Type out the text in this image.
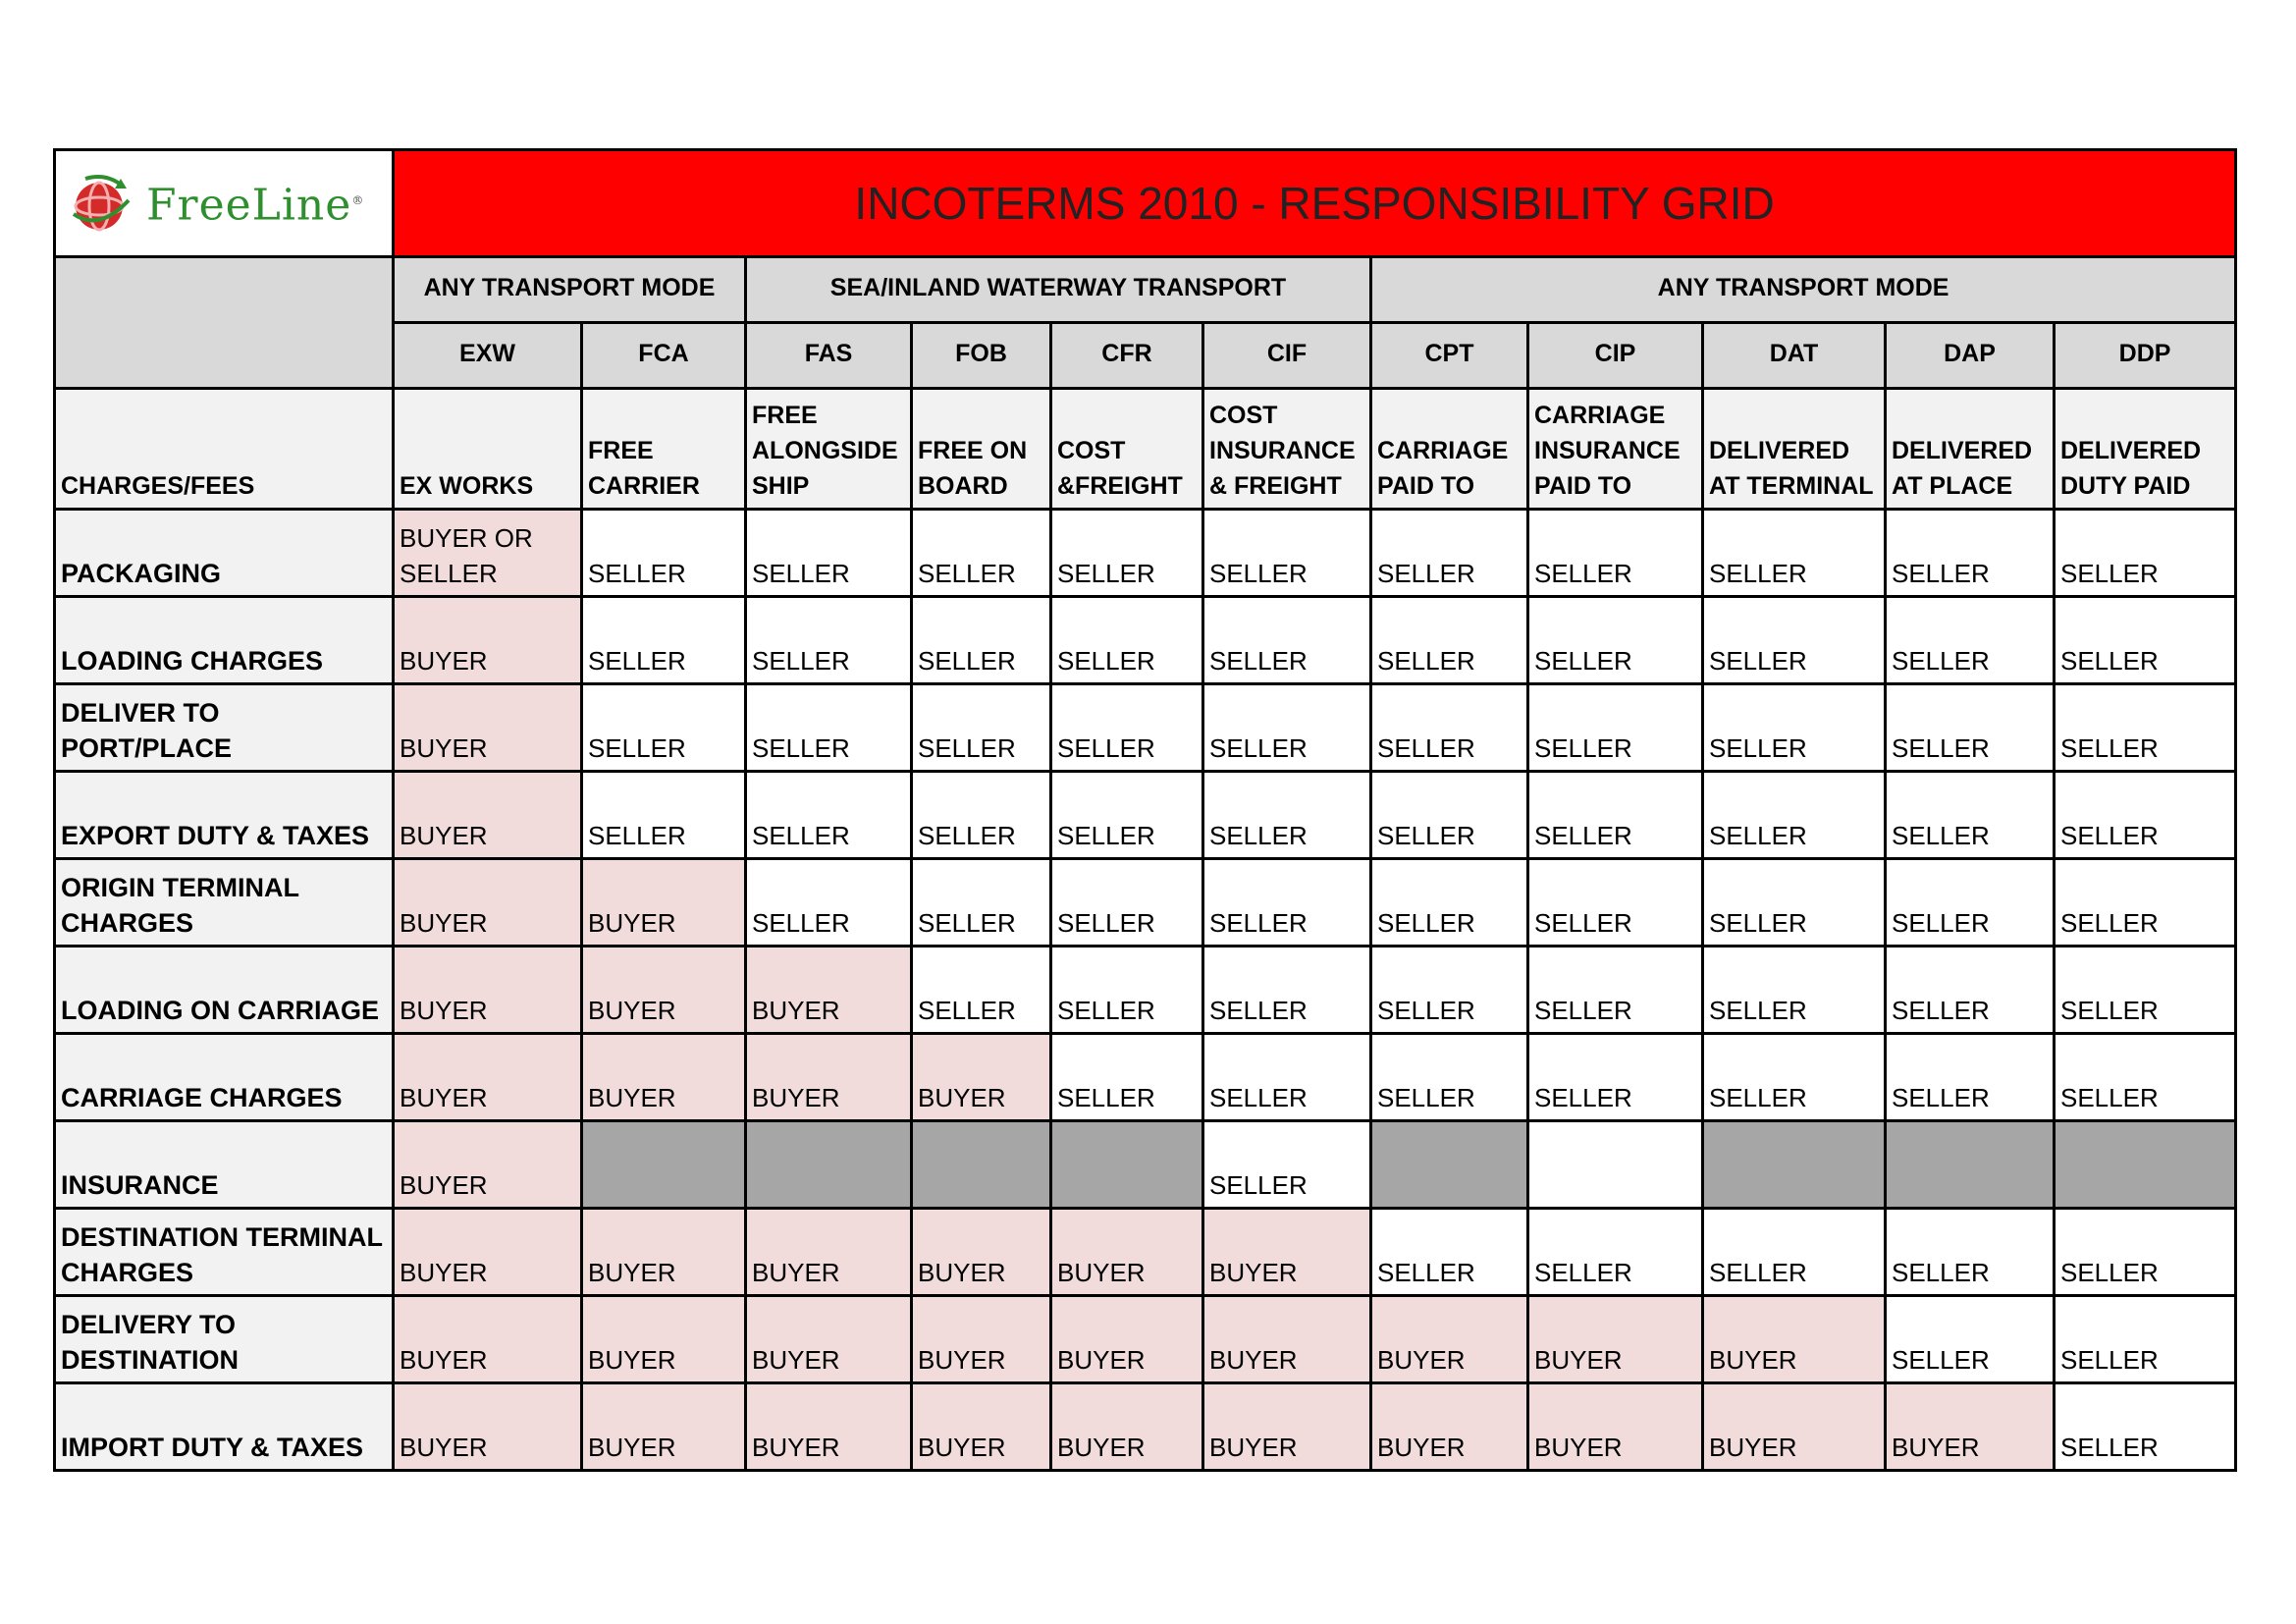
FreeLine®	INCOTERMS 2010 - RESPONSIBILITY GRID										
	ANY TRANSPORT MODE		SEA/INLAND WATERWAY TRANSPORT				ANY TRANSPORT MODE				
	EXW	FCA	FAS	FOB	CFR	CIF	CPT	CIP	DAT	DAP	DDP
CHARGES/FEES	EX WORKS	FREE CARRIER	FREE ALONGSIDE SHIP	FREE ON BOARD	COST &FREIGHT	COST INSURANCE & FREIGHT	CARRIAGE PAID TO	CARRIAGE INSURANCE PAID TO	DELIVERED AT TERMINAL	DELIVERED AT PLACE	DELIVERED DUTY PAID
PACKAGING	BUYER OR SELLER	SELLER	SELLER	SELLER	SELLER	SELLER	SELLER	SELLER	SELLER	SELLER	SELLER
LOADING CHARGES	BUYER	SELLER	SELLER	SELLER	SELLER	SELLER	SELLER	SELLER	SELLER	SELLER	SELLER
DELIVER TO PORT/PLACE	BUYER	SELLER	SELLER	SELLER	SELLER	SELLER	SELLER	SELLER	SELLER	SELLER	SELLER
EXPORT DUTY & TAXES	BUYER	SELLER	SELLER	SELLER	SELLER	SELLER	SELLER	SELLER	SELLER	SELLER	SELLER
ORIGIN TERMINAL CHARGES	BUYER	BUYER	SELLER	SELLER	SELLER	SELLER	SELLER	SELLER	SELLER	SELLER	SELLER
LOADING ON CARRIAGE	BUYER	BUYER	BUYER	SELLER	SELLER	SELLER	SELLER	SELLER	SELLER	SELLER	SELLER
CARRIAGE CHARGES	BUYER	BUYER	BUYER	BUYER	SELLER	SELLER	SELLER	SELLER	SELLER	SELLER	SELLER
INSURANCE	BUYER					SELLER					
DESTINATION TERMINAL CHARGES	BUYER	BUYER	BUYER	BUYER	BUYER	BUYER	SELLER	SELLER	SELLER	SELLER	SELLER
DELIVERY TO DESTINATION	BUYER	BUYER	BUYER	BUYER	BUYER	BUYER	BUYER	BUYER	BUYER	SELLER	SELLER
IMPORT DUTY & TAXES	BUYER	BUYER	BUYER	BUYER	BUYER	BUYER	BUYER	BUYER	BUYER	BUYER	SELLER
